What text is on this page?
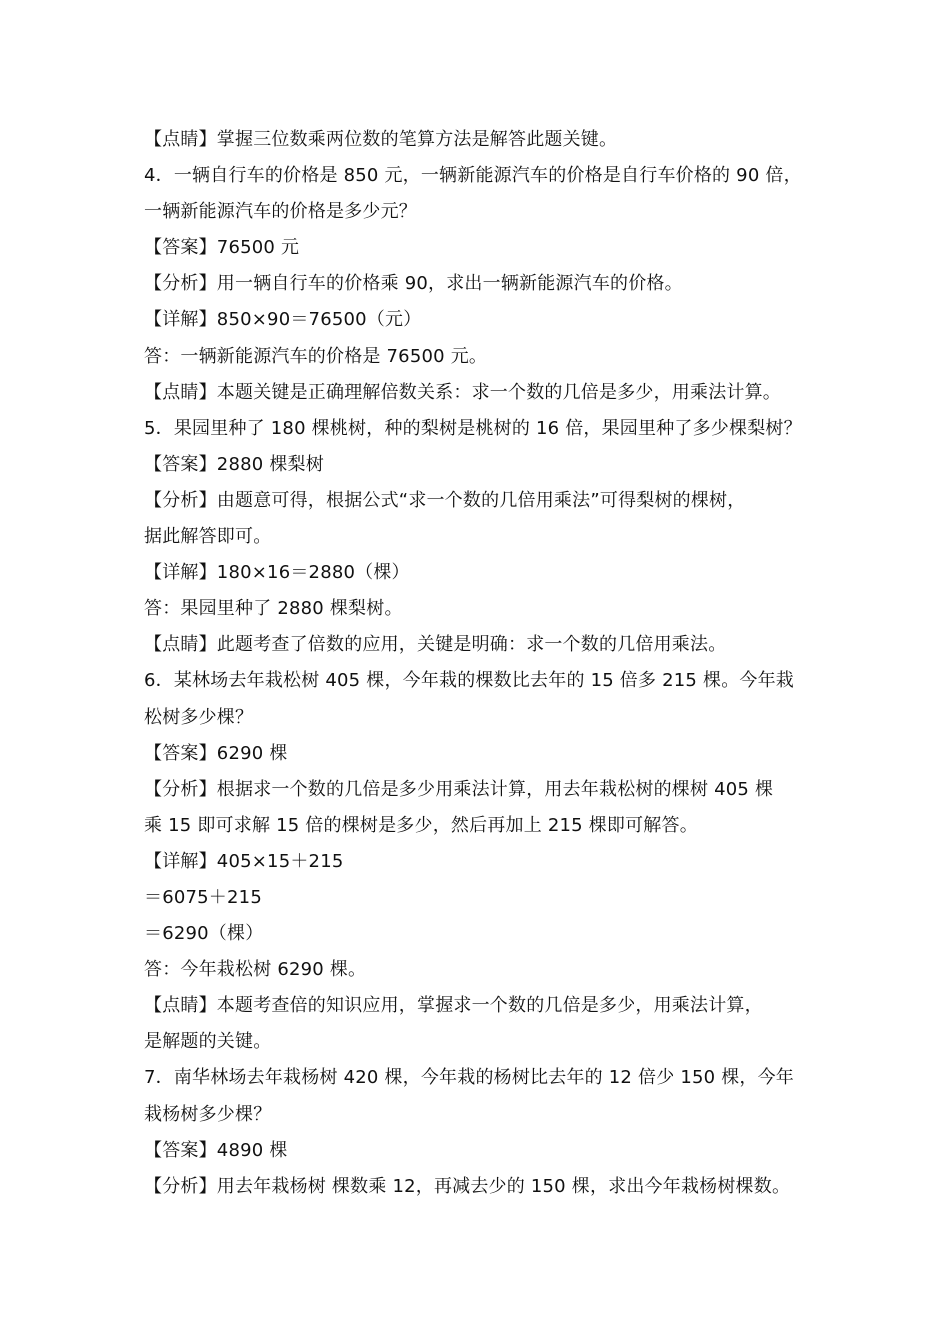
【点睛】掌握三位数乘两位数的笔算方法是解答此题关键。
4．一辆自行车的价格是 850 元，一辆新能源汽车的价格是自行车价格的 90 倍，
一辆新能源汽车的价格是多少元？
【答案】76500 元
【分析】用一辆自行车的价格乘 90，求出一辆新能源汽车的价格。
【详解】850×90＝76500（元）
答：一辆新能源汽车的价格是 76500 元。
【点睛】本题关键是正确理解倍数关系：求一个数的几倍是多少，用乘法计算。
5．果园里种了 180 棵桃树，种的梨树是桃树的 16 倍，果园里种了多少棵梨树？
【答案】2880 棵梨树
【分析】由题意可得，根据公式“求一个数的几倍用乘法”可得梨树的棵树，
据此解答即可。
【详解】180×16＝2880（棵）
答：果园里种了 2880 棵梨树。
【点睛】此题考查了倍数的应用，关键是明确：求一个数的几倍用乘法。
6．某林场去年栽松树 405 棵，今年栽的棵数比去年的 15 倍多 215 棵。今年栽
松树多少棵？
【答案】6290 棵
【分析】根据求一个数的几倍是多少用乘法计算，用去年栽松树的棵树 405 棵
乘 15 即可求解 15 倍的棵树是多少，然后再加上 215 棵即可解答。
【详解】405×15＋215
＝6075＋215
＝6290（棵）
答：今年栽松树 6290 棵。
【点睛】本题考查倍的知识应用，掌握求一个数的几倍是多少，用乘法计算，
是解题的关键。
7．南华林场去年栽杨树 420 棵，今年栽的杨树比去年的 12 倍少 150 棵，今年
栽杨树多少棵？
【答案】4890 棵
【分析】用去年栽杨树 棵数乘 12，再减去少的 150 棵，求出今年栽杨树棵数。
